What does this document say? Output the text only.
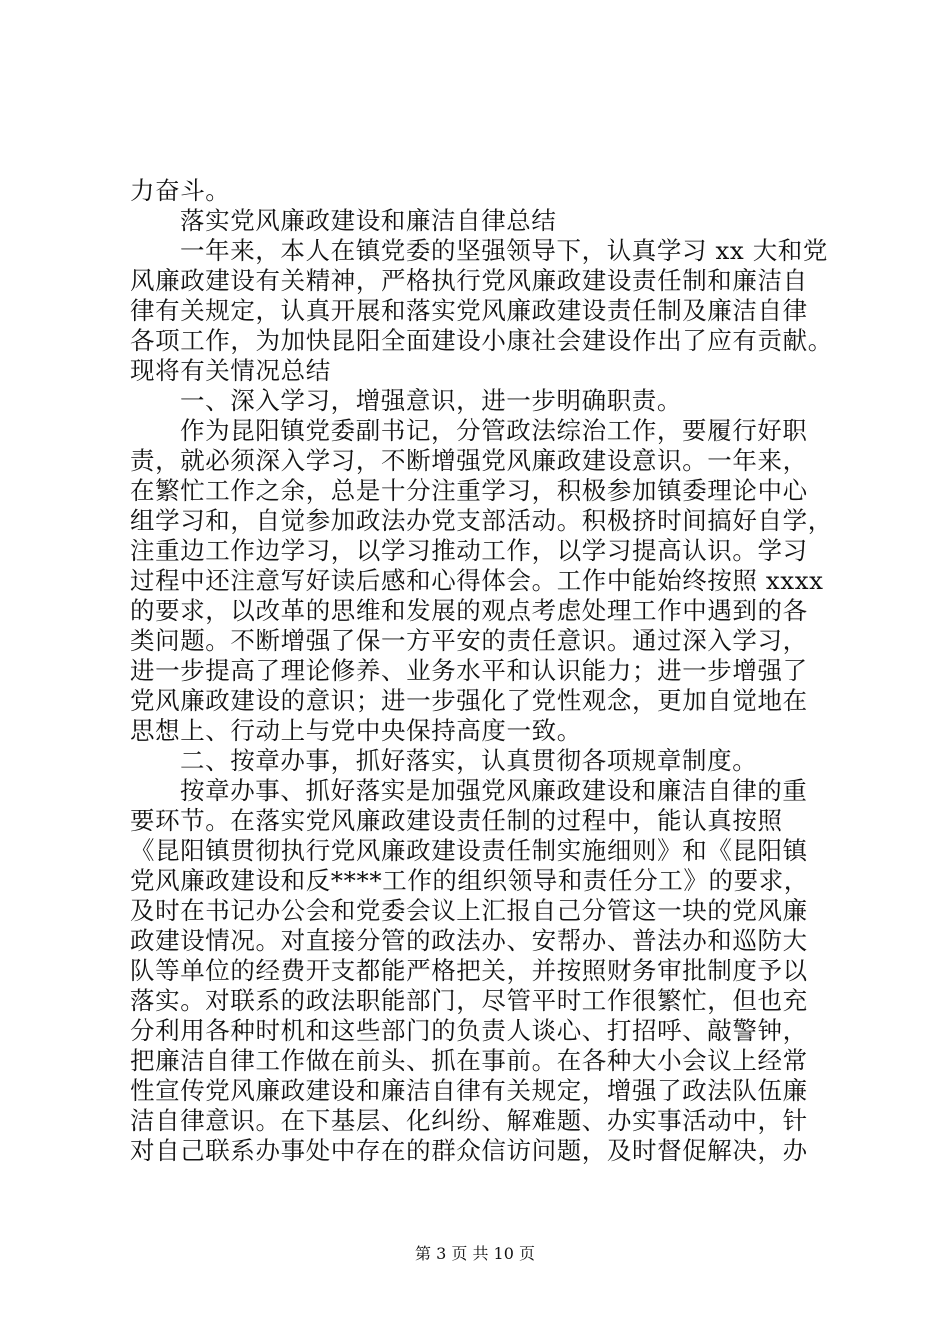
力奋斗。
落实党风廉政建设和廉洁自律总结
一年来，本人在镇党委的坚强领导下，认真学习 xx 大和党
风廉政建设有关精神，严格执行党风廉政建设责任制和廉洁自
律有关规定，认真开展和落实党风廉政建设责任制及廉洁自律
各项工作，为加快昆阳全面建设小康社会建设作出了应有贡献。
现将有关情况总结
一、深入学习，增强意识，进一步明确职责。
作为昆阳镇党委副书记，分管政法综治工作，要履行好职
责，就必须深入学习，不断增强党风廉政建设意识。一年来，
在繁忙工作之余，总是十分注重学习，积极参加镇委理论中心
组学习和，自觉参加政法办党支部活动。积极挤时间搞好自学，
注重边工作边学习，以学习推动工作，以学习提高认识。学习
过程中还注意写好读后感和心得体会。工作中能始终按照 xxxx
的要求，以改革的思维和发展的观点考虑处理工作中遇到的各
类问题。不断增强了保一方平安的责任意识。通过深入学习，
进一步提高了理论修养、业务水平和认识能力；进一步增强了
党风廉政建设的意识；进一步强化了党性观念，更加自觉地在
思想上、行动上与党中央保持高度一致。
二、按章办事，抓好落实，认真贯彻各项规章制度。
按章办事、抓好落实是加强党风廉政建设和廉洁自律的重
要环节。在落实党风廉政建设责任制的过程中，能认真按照
《昆阳镇贯彻执行党风廉政建设责任制实施细则》和《昆阳镇
党风廉政建设和反****工作的组织领导和责任分工》的要求，
及时在书记办公会和党委会议上汇报自己分管这一块的党风廉
政建设情况。对直接分管的政法办、安帮办、普法办和巡防大
队等单位的经费开支都能严格把关，并按照财务审批制度予以
落实。对联系的政法职能部门，尽管平时工作很繁忙，但也充
分利用各种时机和这些部门的负责人谈心、打招呼、敲警钟，
把廉洁自律工作做在前头、抓在事前。在各种大小会议上经常
性宣传党风廉政建设和廉洁自律有关规定，增强了政法队伍廉
洁自律意识。在下基层、化纠纷、解难题、办实事活动中，针
对自己联系办事处中存在的群众信访问题，及时督促解决，办
第 3 页 共 10 页
